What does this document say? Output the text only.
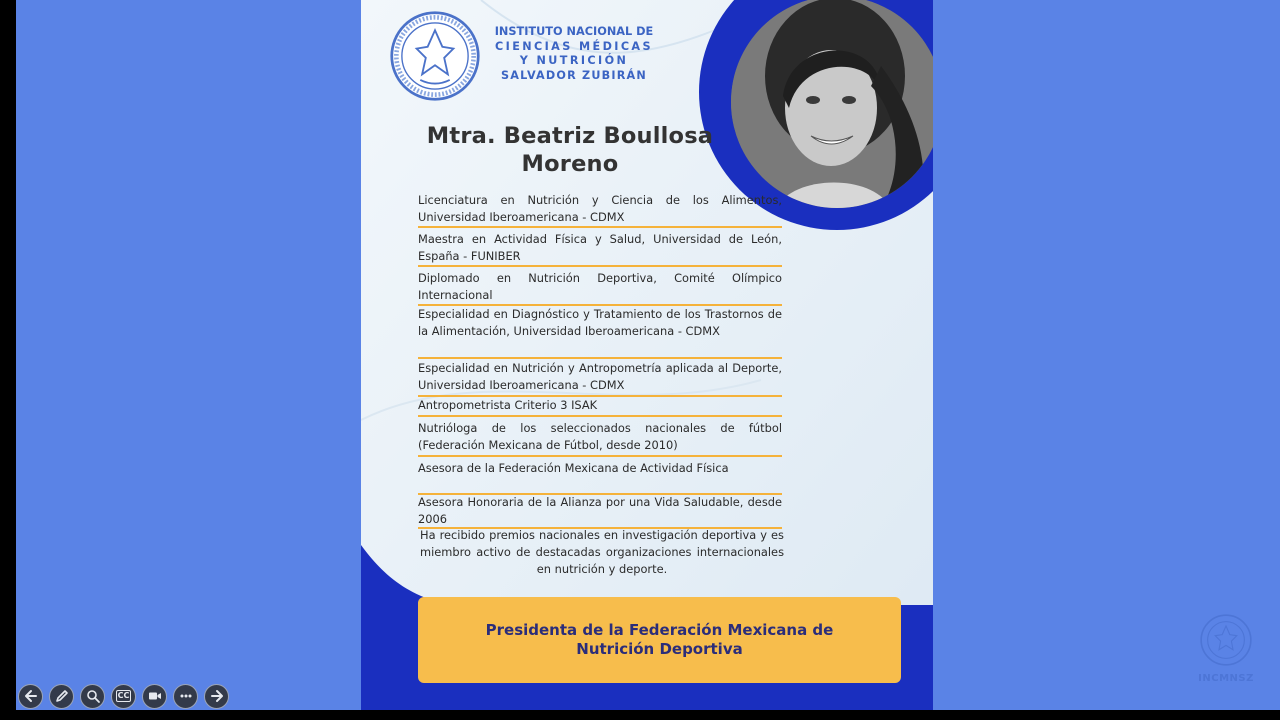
INSTITUTO NACIONAL DE
CIENCIAS MÉDICAS
Y NUTRICIÓN
SALVADOR ZUBIRÁN
Mtra. Beatriz Boullosa
Moreno
Licenciatura en Nutrición y Ciencia de los Alimentos, Universidad Iberoamericana - CDMX
Maestra en Actividad Física y Salud, Universidad de León, España - FUNIBER
Diplomado en Nutrición Deportiva, Comité Olímpico Internacional
Especialidad en Diagnóstico y Tratamiento de los Trastornos de la Alimentación, Universidad Iberoamericana - CDMX
Especialidad en Nutrición y Antropometría aplicada al Deporte, Universidad Iberoamericana - CDMX
Antropometrista Criterio 3 ISAK
Nutrióloga de los seleccionados nacionales de fútbol (Federación Mexicana de Fútbol, desde 2010)
Asesora de la Federación Mexicana de Actividad Física
Asesora Honoraria de la Alianza por una Vida Saludable, desde 2006
Ha recibido premios nacionales en investigación deportiva y es miembro activo de destacadas organizaciones internacionales en nutrición y deporte.
Presidenta de la Federación Mexicana de
Nutrición Deportiva
INCMNSZ
CC
